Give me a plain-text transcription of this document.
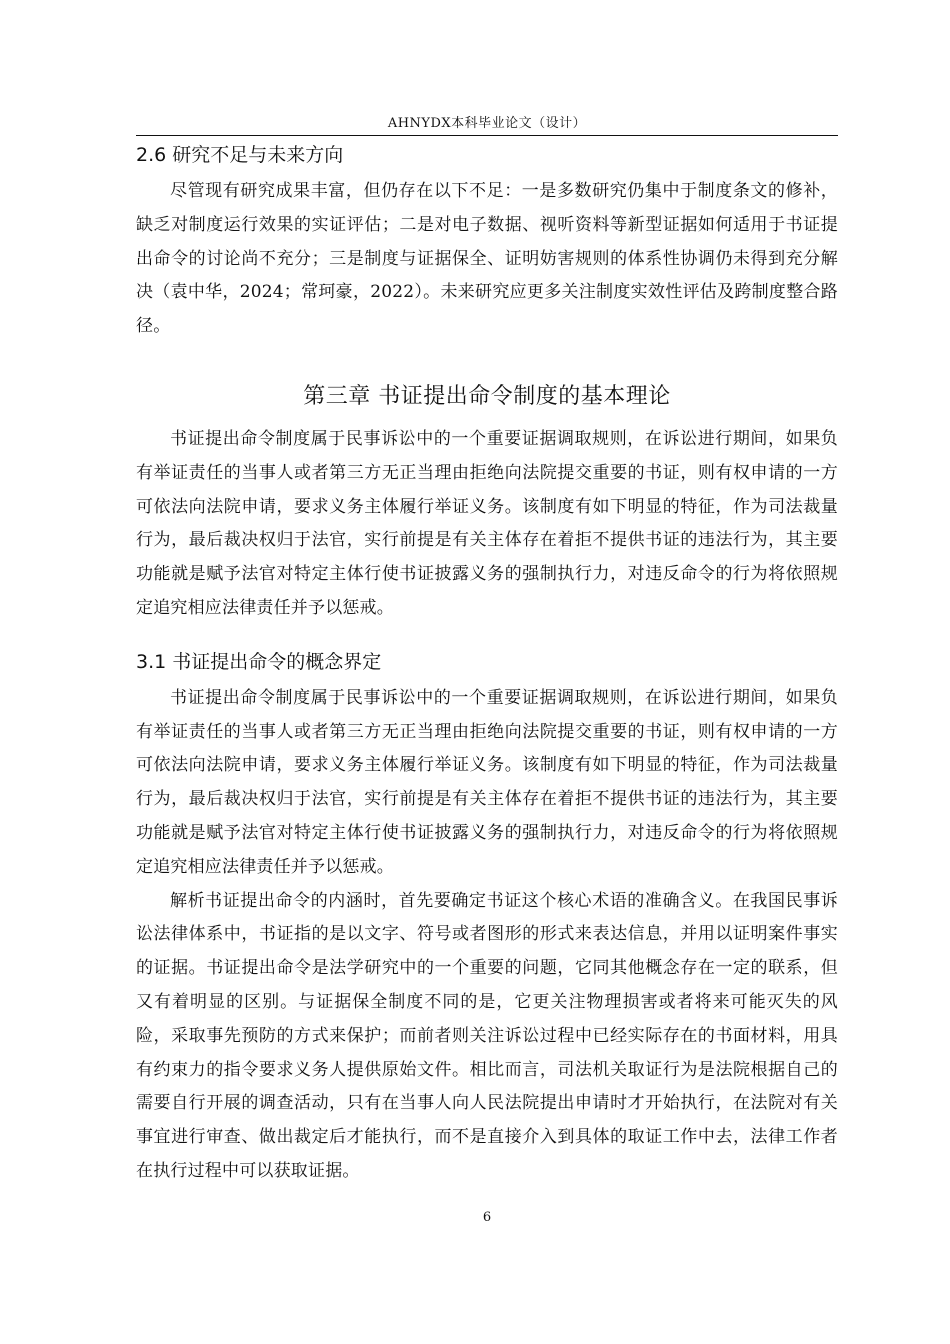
AHNYDX本科毕业论文（设计）
2.6 研究不足与未来方向

尽管现有研究成果丰富，但仍存在以下不足：一是多数研究仍集中于制度条文的修补，缺乏对制度运行效果的实证评估；二是对电子数据、视听资料等新型证据如何适用于书证提出命令的讨论尚不充分；三是制度与证据保全、证明妨害规则的体系性协调仍未得到充分解决（袁中华，2024；常珂豪，2022）。未来研究应更多关注制度实效性评估及跨制度整合路径。

第三章 书证提出命令制度的基本理论

书证提出命令制度属于民事诉讼中的一个重要证据调取规则，在诉讼进行期间，如果负有举证责任的当事人或者第三方无正当理由拒绝向法院提交重要的书证，则有权申请的一方可依法向法院申请，要求义务主体履行举证义务。该制度有如下明显的特征，作为司法裁量行为，最后裁决权归于法官，实行前提是有关主体存在着拒不提供书证的违法行为，其主要功能就是赋予法官对特定主体行使书证披露义务的强制执行力，对违反命令的行为将依照规定追究相应法律责任并予以惩戒。

3.1 书证提出命令的概念界定

书证提出命令制度属于民事诉讼中的一个重要证据调取规则，在诉讼进行期间，如果负有举证责任的当事人或者第三方无正当理由拒绝向法院提交重要的书证，则有权申请的一方可依法向法院申请，要求义务主体履行举证义务。该制度有如下明显的特征，作为司法裁量行为，最后裁决权归于法官，实行前提是有关主体存在着拒不提供书证的违法行为，其主要功能就是赋予法官对特定主体行使书证披露义务的强制执行力，对违反命令的行为将依照规定追究相应法律责任并予以惩戒。

解析书证提出命令的内涵时，首先要确定书证这个核心术语的准确含义。在我国民事诉讼法律体系中，书证指的是以文字、符号或者图形的形式来表达信息，并用以证明案件事实的证据。书证提出命令是法学研究中的一个重要的问题，它同其他概念存在一定的联系，但又有着明显的区别。与证据保全制度不同的是，它更关注物理损害或者将来可能灭失的风险，采取事先预防的方式来保护；而前者则关注诉讼过程中已经实际存在的书面材料，用具有约束力的指令要求义务人提供原始文件。相比而言，司法机关取证行为是法院根据自己的需要自行开展的调查活动，只有在当事人向人民法院提出申请时才开始执行，在法院对有关事宜进行审查、做出裁定后才能执行，而不是直接介入到具体的取证工作中去，法律工作者在执行过程中可以获取证据。

6
